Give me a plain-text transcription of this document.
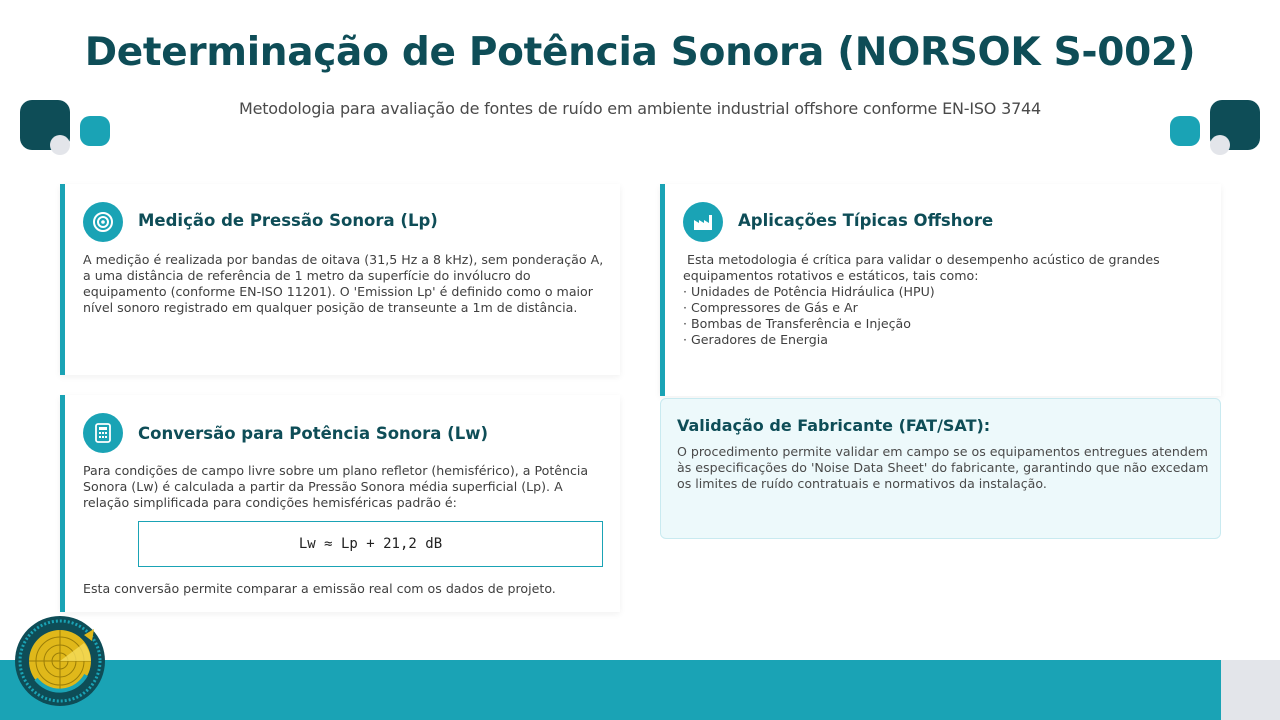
Determinação de Potência Sonora (NORSOK S-002)
Metodologia para avaliação de fontes de ruído em ambiente industrial offshore conforme EN-ISO 3744
Medição de Pressão Sonora (Lp)
A medição é realizada por bandas de oitava (31,5 Hz a 8 kHz), sem ponderação A, a uma distância de referência de 1 metro da superfície do invólucro do equipamento (conforme EN-ISO 11201). O 'Emission Lp' é definido como o maior nível sonoro registrado em qualquer posição de transeunte a 1m de distância.
Conversão para Potência Sonora (Lw)
Para condições de campo livre sobre um plano refletor (hemisférico), a Potência Sonora (Lw) é calculada a partir da Pressão Sonora média superficial (Lp). A relação simplificada para condições hemisféricas padrão é:
Lw ≈ Lp + 21,2 dB
Esta conversão permite comparar a emissão real com os dados de projeto.
Aplicações Típicas Offshore
Esta metodologia é crítica para validar o desempenho acústico de grandes equipamentos rotativos e estáticos, tais como:
· Unidades de Potência Hidráulica (HPU)
· Compressores de Gás e Ar
· Bombas de Transferência e Injeção
· Geradores de Energia
Validação de Fabricante (FAT/SAT):
O procedimento permite validar em campo se os equipamentos entregues atendem às especificações do 'Noise Data Sheet' do fabricante, garantindo que não excedam os limites de ruído contratuais e normativos da instalação.
